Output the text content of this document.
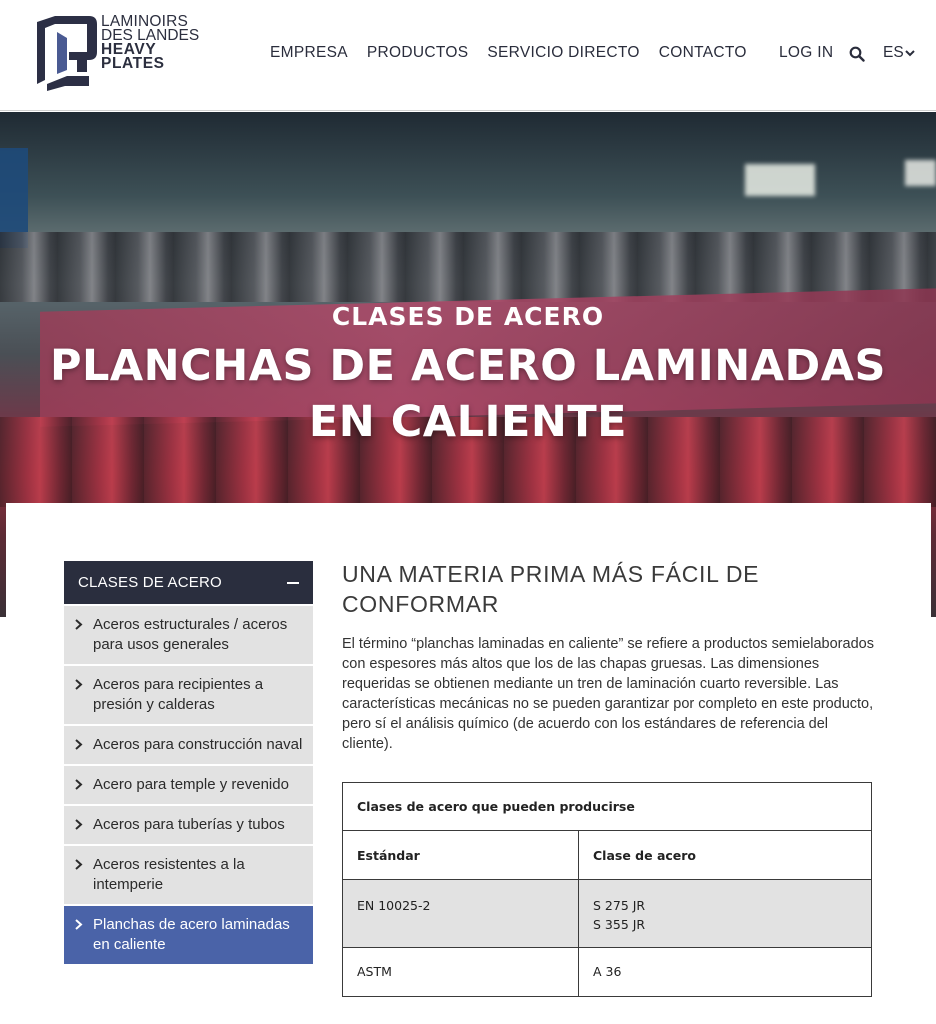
LAMINOIRS
DES LANDES
HEAVY
PLATES
EMPRESA PRODUCTOS SERVICIO DIRECTO CONTACTO LOG IN	ES
CLASES DE ACERO
PLANCHAS DE ACERO LAMINADAS
EN CALIENTE
CLASES DE ACERO
Aceros estructurales / aceros para usos generales
Aceros para recipientes a presión y calderas
Aceros para construcción naval
Acero para temple y revenido
Aceros para tuberías y tubos
Aceros resistentes a la intemperie
Planchas de acero laminadas en caliente
UNA MATERIA PRIMA MÁS FÁCIL DE CONFORMAR

El término “planchas laminadas en caliente” se refiere a productos semielaborados con espesores más altos que los de las chapas gruesas. Las dimensiones requeridas se obtienen mediante un tren de laminación cuarto reversible. Las características mecánicas no se pueden garantizar por completo en este producto, pero sí el análisis químico (de acuerdo con los estándares de referencia del cliente).

Clases de acero que pueden producirse	
Estándar	Clase de acero
EN 10025-2	S 275 JR
S 355 JR

ASTM	A 36
